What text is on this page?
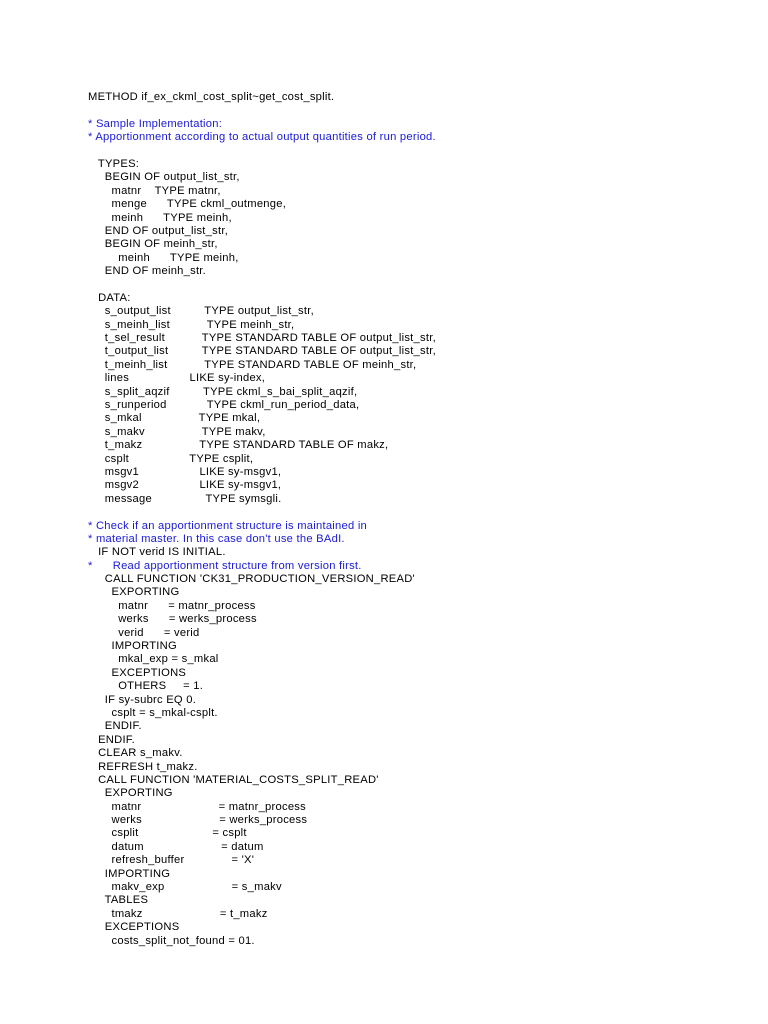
METHOD if_ex_ckml_cost_split~get_cost_split.
* Sample Implementation:
* Apportionment according to actual output quantities of run period.
TYPES:
BEGIN OF output_list_str,
matnr    TYPE matnr,
menge      TYPE ckml_outmenge,
meinh      TYPE meinh,
END OF output_list_str,
BEGIN OF meinh_str,
meinh      TYPE meinh,
END OF meinh_str.
DATA:
s_output_list          TYPE output_list_str,
s_meinh_list           TYPE meinh_str,
t_sel_result           TYPE STANDARD TABLE OF output_list_str,
t_output_list          TYPE STANDARD TABLE OF output_list_str,
t_meinh_list           TYPE STANDARD TABLE OF meinh_str,
lines                  LIKE sy-index,
s_split_aqzif          TYPE ckml_s_bai_split_aqzif,
s_runperiod            TYPE ckml_run_period_data,
s_mkal                 TYPE mkal,
s_makv                 TYPE makv,
t_makz                 TYPE STANDARD TABLE OF makz,
csplt                  TYPE csplit,
msgv1                  LIKE sy-msgv1,
msgv2                  LIKE sy-msgv1,
message                TYPE symsgli.
* Check if an apportionment structure is maintained in
* material master. In this case don't use the BAdI.
IF NOT verid IS INITIAL.
*      Read apportionment structure from version first.
CALL FUNCTION 'CK31_PRODUCTION_VERSION_READ'
EXPORTING
matnr      = matnr_process
werks      = werks_process
verid      = verid
IMPORTING
mkal_exp = s_mkal
EXCEPTIONS
OTHERS     = 1.
IF sy-subrc EQ 0.
csplt = s_mkal-csplt.
ENDIF.
ENDIF.
CLEAR s_makv.
REFRESH t_makz.
CALL FUNCTION 'MATERIAL_COSTS_SPLIT_READ'
EXPORTING
matnr                       = matnr_process
werks                       = werks_process
csplit                      = csplt
datum                       = datum
refresh_buffer              = 'X'
IMPORTING
makv_exp                    = s_makv
TABLES
tmakz                       = t_makz
EXCEPTIONS
costs_split_not_found = 01.
